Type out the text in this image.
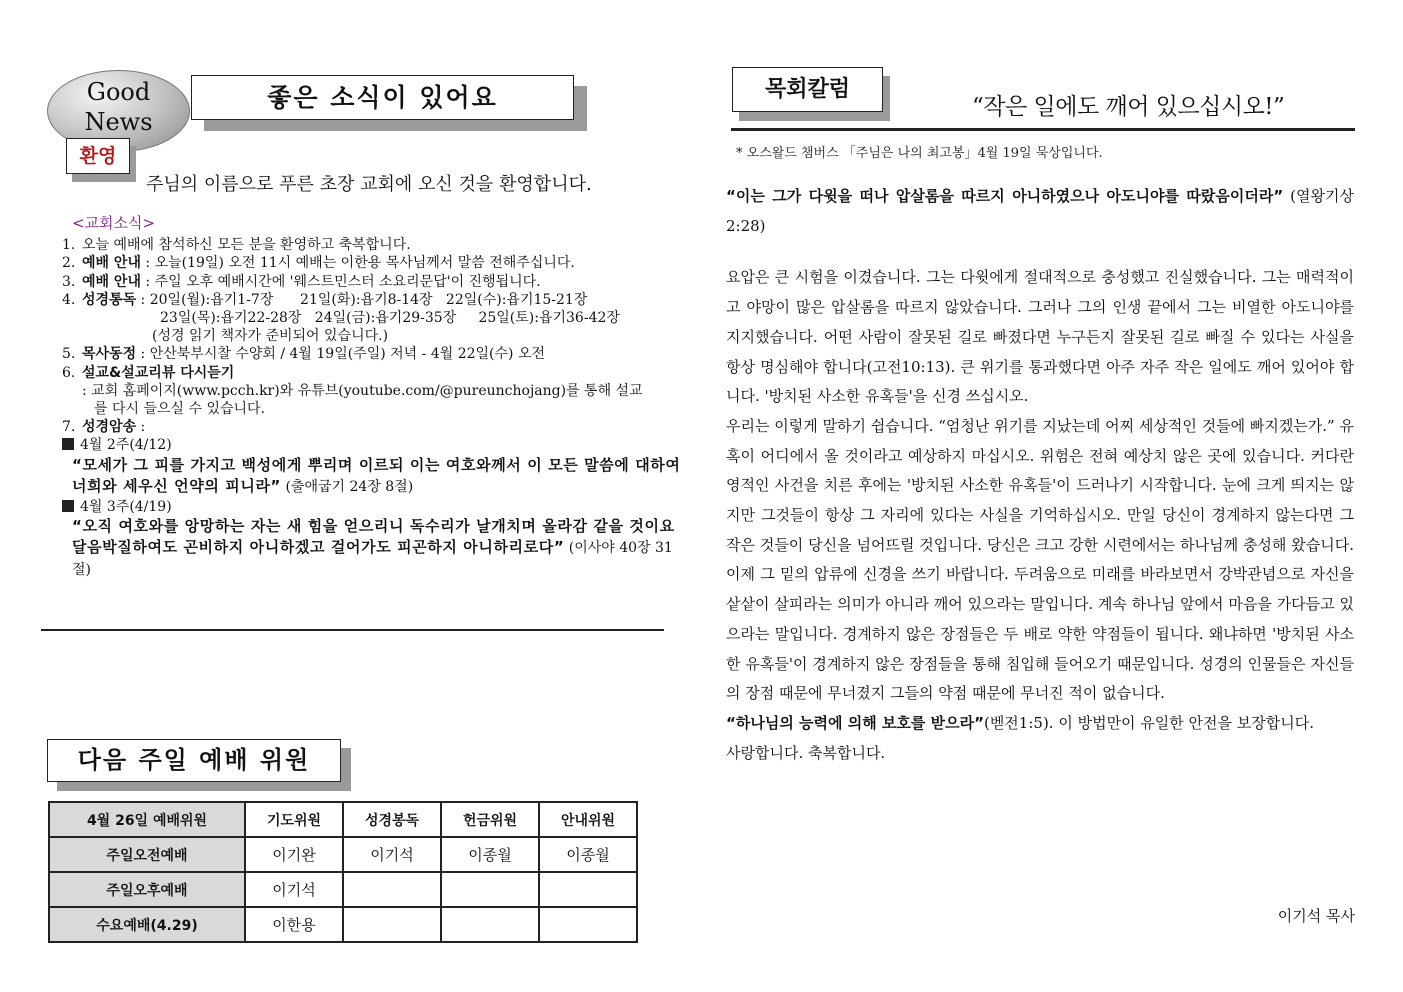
Good
News
좋은 소식이 있어요
환영
주님의 이름으로 푸른 초장 교회에 오신 것을 환영합니다.
<교회소식>
1. 오늘 예배에 참석하신 모든 분을 환영하고 축복합니다.
2. 예배 안내 : 오늘(19일) 오전 11시 예배는 이한용 목사님께서 말씀 전해주십니다.
3. 예배 안내 : 주일 오후 예배시간에 '웨스트민스터 소요리문답'이 진행됩니다.
4. 성경통독 : 20일(월):욥기1-7장      21일(화):욥기8-14장   22일(수):욥기15-21장
23일(목):욥기22-28장   24일(금):욥기29-35장     25일(토):욥기36-42장
(성경 읽기 책자가 준비되어 있습니다.)
5. 목사동정 : 안산북부시찰 수양회 / 4월 19일(주일) 저녁 - 4월 22일(수) 오전
6. 설교&설교리뷰 다시듣기
: 교회 홈페이지(www.pcch.kr)와 유튜브(youtube.com/@pureunchojang)를 통해 설교
를 다시 들으실 수 있습니다.
7. 성경암송 :
4월 2주(4/12)
“모세가 그 피를 가지고 백성에게 뿌리며 이르되 이는 여호와께서 이 모든 말씀에 대하여 너희와 세우신 언약의 피니라” (출애굽기 24장 8절)
4월 3주(4/19)
“오직 여호와를 앙망하는 자는 새 힘을 얻으리니 독수리가 날개치며 올라감 같을 것이요 달음박질하여도 곤비하지 아니하겠고 걸어가도 피곤하지 아니하리로다” (이사야 40장 31절)
다음 주일 예배 위원
4월 26일 예배위원	기도위원	성경봉독	헌금위원	안내위원
주일오전예배	이기완	이기석	이종월	이종월
주일오후예배	이기석			
수요예배(4.29)	이한용			
목회칼럼
“작은 일에도 깨어 있으십시오!”
* 오스왈드 챔버스 「주님은 나의 최고봉」4월 19일 묵상입니다.

“이는 그가 다윗을 떠나 압살롬을 따르지 아니하였으나 아도니야를 따랐음이더라” (열왕기상 2:28)

요압은 큰 시험을 이겼습니다. 그는 다윗에게 절대적으로 충성했고 진실했습니다. 그는 매력적이고 야망이 많은 압살롬을 따르지 않았습니다. 그러나 그의 인생 끝에서 그는 비열한 아도니야를 지지했습니다. 어떤 사람이 잘못된 길로 빠졌다면 누구든지 잘못된 길로 빠질 수 있다는 사실을 항상 명심해야 합니다(고전10:13). 큰 위기를 통과했다면 아주 자주 작은 일에도 깨어 있어야 합니다. '방치된 사소한 유혹들'을 신경 쓰십시오.

우리는 이렇게 말하기 쉽습니다. “엄청난 위기를 지났는데 어찌 세상적인 것들에 빠지겠는가.” 유혹이 어디에서 올 것이라고 예상하지 마십시오. 위험은 전혀 예상치 않은 곳에 있습니다. 커다란 영적인 사건을 치른 후에는 '방치된 사소한 유혹들'이 드러나기 시작합니다. 눈에 크게 띄지는 않지만 그것들이 항상 그 자리에 있다는 사실을 기억하십시오. 만일 당신이 경계하지 않는다면 그 작은 것들이 당신을 넘어뜨릴 것입니다. 당신은 크고 강한 시련에서는 하나님께 충성해 왔습니다. 이제 그 밑의 압류에 신경을 쓰기 바랍니다. 두려움으로 미래를 바라보면서 강박관념으로 자신을 샅샅이 살피라는 의미가 아니라 깨어 있으라는 말입니다. 계속 하나님 앞에서 마음을 가다듬고 있으라는 말입니다. 경계하지 않은 장점들은 두 배로 약한 약점들이 됩니다. 왜냐하면 '방치된 사소한 유혹들'이 경계하지 않은 장점들을 통해 침입해 들어오기 때문입니다. 성경의 인물들은 자신들의 장점 때문에 무너졌지 그들의 약점 때문에 무너진 적이 없습니다.

“하나님의 능력에 의해 보호를 받으라”(벧전1:5). 이 방법만이 유일한 안전을 보장합니다.

사랑합니다. 축복합니다.

이기석 목사
